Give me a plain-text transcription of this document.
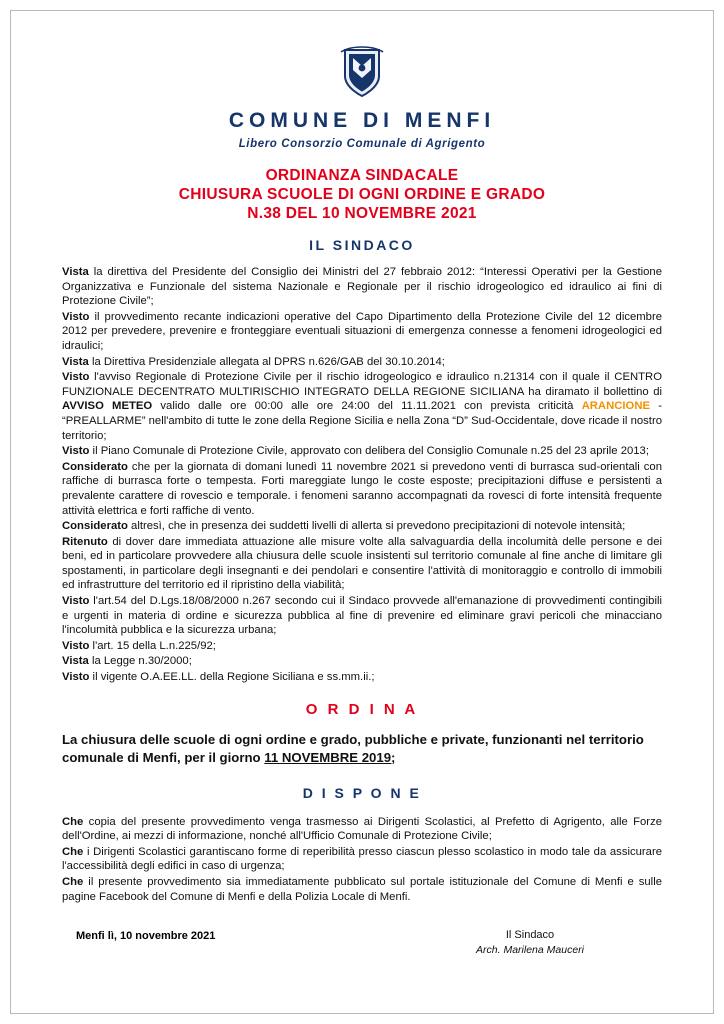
COMUNE DI MENFI
Libero Consorzio Comunale di Agrigento
ORDINANZA SINDACALE
CHIUSURA SCUOLE DI OGNI ORDINE E GRADO
N.38 DEL 10 NOVEMBRE 2021
IL SINDACO

Vista la direttiva del Presidente del Consiglio dei Ministri del 27 febbraio 2012: “Interessi Operativi per la Gestione Organizzativa e Funzionale del sistema Nazionale e Regionale per il rischio idrogeologico ed idraulico ai fini di Protezione Civile”;

Visto il provvedimento recante indicazioni operative del Capo Dipartimento della Protezione Civile del 12 dicembre 2012 per prevedere, prevenire e fronteggiare eventuali situazioni di emergenza connesse a fenomeni idrogeologici ed idraulici;

Vista la Direttiva Presidenziale allegata al DPRS n.626/GAB del 30.10.2014;

Visto l'avviso Regionale di Protezione Civile per il rischio idrogeologico e idraulico n.21314 con il quale il CENTRO FUNZIONALE DECENTRATO MULTIRISCHIO INTEGRATO DELLA REGIONE SICILIANA ha diramato il bollettino di AVVISO METEO valido dalle ore 00:00 alle ore 24:00 del 11.11.2021 con prevista criticità ARANCIONE - “PREALLARME” nell'ambito di tutte le zone della Regione Sicilia e nella Zona “D” Sud-Occidentale, dove ricade il nostro territorio;

Visto il Piano Comunale di Protezione Civile, approvato con delibera del Consiglio Comunale n.25 del 23 aprile 2013;

Considerato che per la giornata di domani lunedì 11 novembre 2021 si prevedono venti di burrasca sud-orientali con raffiche di burrasca forte o tempesta. Forti mareggiate lungo le coste esposte; precipitazioni diffuse e persistenti a prevalente carattere di rovescio e temporale. i fenomeni saranno accompagnati da rovesci di forte intensità frequente attività elettrica e forti raffiche di vento.

Considerato altresì, che in presenza dei suddetti livelli di allerta si prevedono precipitazioni di notevole intensità;

Ritenuto di dover dare immediata attuazione alle misure volte alla salvaguardia della incolumità delle persone e dei beni, ed in particolare provvedere alla chiusura delle scuole insistenti sul territorio comunale al fine anche di limitare gli spostamenti, in particolare degli insegnanti e dei pendolari e consentire l'attività di monitoraggio e controllo di immobili ed infrastrutture del territorio ed il ripristino della viabilità;

Visto l'art.54 del D.Lgs.18/08/2000 n.267 secondo cui il Sindaco provvede all'emanazione di provvedimenti contingibili e urgenti in materia di ordine e sicurezza pubblica al fine di prevenire ed eliminare gravi pericoli che minacciano l'incolumità pubblica e la sicurezza urbana;

Visto l'art. 15 della L.n.225/92;

Vista la Legge n.30/2000;

Visto il vigente O.A.EE.LL. della Regione Siciliana e ss.mm.ii.;

O R D I N A
La chiusura delle scuole di ogni ordine e grado, pubbliche e private, funzionanti nel territorio comunale di Menfi, per il giorno 11 NOVEMBRE 2019;
D I S P O N E

Che copia del presente provvedimento venga trasmesso ai Dirigenti Scolastici, al Prefetto di Agrigento, alle Forze dell'Ordine, ai mezzi di informazione, nonché all'Ufficio Comunale di Protezione Civile;

Che i Dirigenti Scolastici garantiscano forme di reperibilità presso ciascun plesso scolastico in modo tale da assicurare l'accessibilità degli edifici in caso di urgenza;

Che il presente provvedimento sia immediatamente pubblicato sul portale istituzionale del Comune di Menfi e sulle pagine Facebook del Comune di Menfi e della Polizia Locale di Menfi.

Menfi lì, 10 novembre 2021	Il Sindaco
Arch. Marilena Mauceri
